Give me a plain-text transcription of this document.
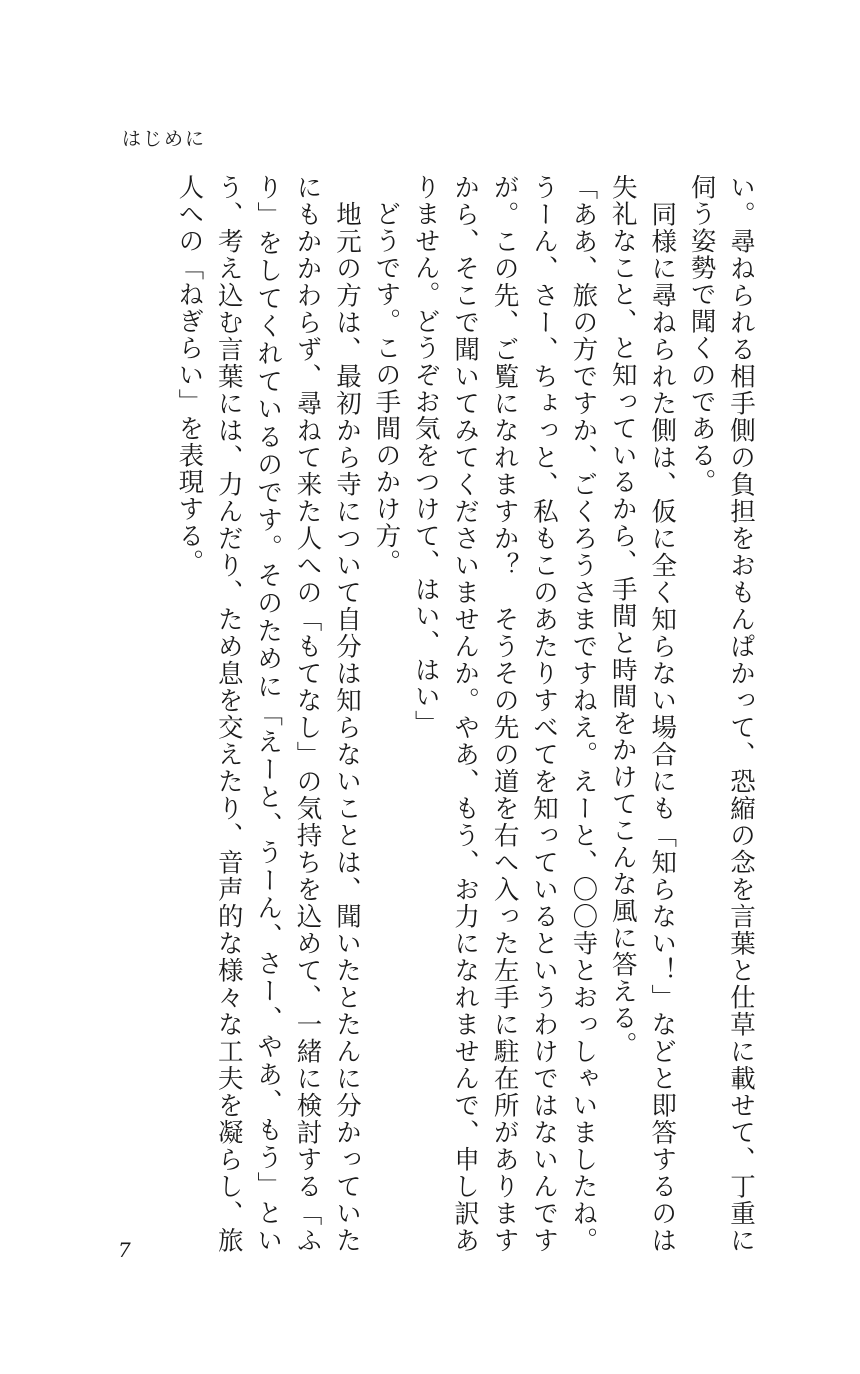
はじめに

い。尋ねられる相手側の負担をおもんぱかって、恐縮の念を言葉と仕草に載せて、丁重に伺う姿勢で聞くのである。

　同様に尋ねられた側は、仮に全く知らない場合にも「知らない！」などと即答するのは失礼なこと、と知っているから、手間と時間をかけてこんな風に答える。

「ああ、旅の方ですか、ごくろうさまですねえ。えーと、〇〇寺とおっしゃいましたね。うーん、さー、ちょっと、私もこのあたりすべてを知っているというわけではないんですが。この先、ご覧になれますか？　そうその先の道を右へ入った左手に駐在所がありますから、そこで聞いてみてくださいませんか。やあ、もう、お力になれませんで、申し訳ありません。どうぞお気をつけて、はい、はい」

　どうです。この手間のかけ方。

　地元の方は、最初から寺について自分は知らないことは、聞いたとたんに分かっていたにもかかわらず、尋ねて来た人への「もてなし」の気持ちを込めて、一緒に検討する「ふり」をしてくれているのです。そのために「えーと、うーん、さー、やあ、もう」という、考え込む言葉には、力んだり、ため息を交えたり、音声的な様々な工夫を凝らし、旅人への「ねぎらい」を表現する。

7
